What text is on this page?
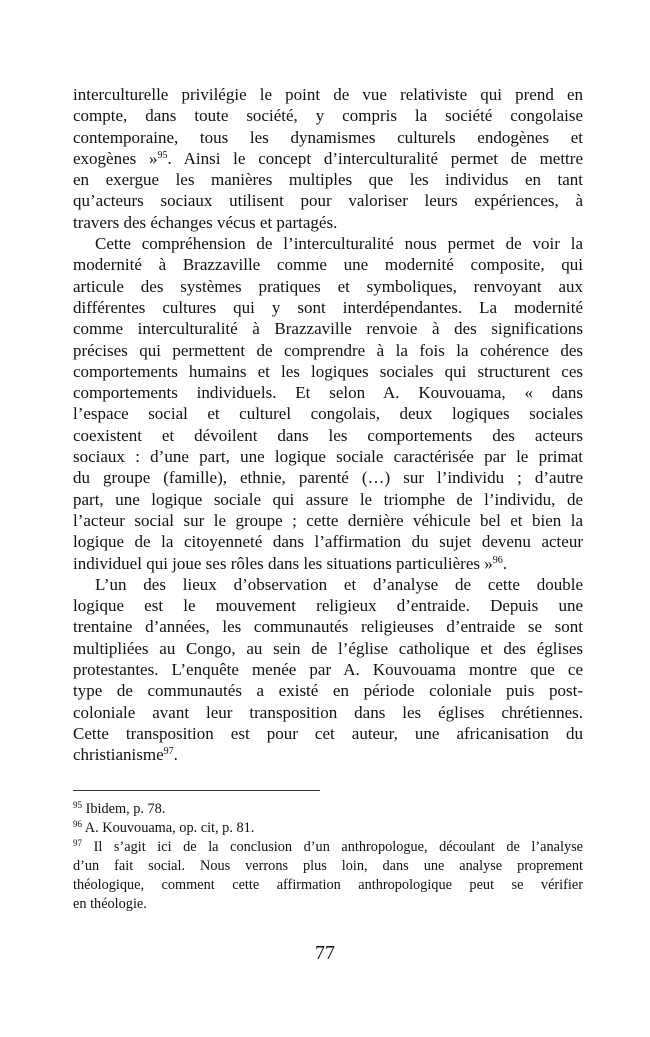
interculturelle privilégie le point de vue relativiste qui prend en
compte, dans toute société, y compris la société congolaise
contemporaine, tous les dynamismes culturels endogènes et
exogènes »$^{95}$. Ainsi le concept d’interculturalité permet de mettre
en exergue les manières multiples que les individus en tant
qu’acteurs sociaux utilisent pour valoriser leurs expériences, à
travers des échanges vécus et partagés.
Cette compréhension de l’interculturalité nous permet de voir la
modernité à Brazzaville comme une modernité composite, qui
articule des systèmes pratiques et symboliques, renvoyant aux
différentes cultures qui y sont interdépendantes. La modernité
comme interculturalité à Brazzaville renvoie à des significations
précises qui permettent de comprendre à la fois la cohérence des
comportements humains et les logiques sociales qui structurent ces
comportements individuels. Et selon A. Kouvouama, « dans
l’espace social et culturel congolais, deux logiques sociales
coexistent et dévoilent dans les comportements des acteurs
sociaux : d’une part, une logique sociale caractérisée par le primat
du groupe (famille), ethnie, parenté (…) sur l’individu ; d’autre
part, une logique sociale qui assure le triomphe de l’individu, de
l’acteur social sur le groupe ; cette dernière véhicule bel et bien la
logique de la citoyenneté dans l’affirmation du sujet devenu acteur
individuel qui joue ses rôles dans les situations particulières »$^{96}$.
L’un des lieux d’observation et d’analyse de cette double
logique est le mouvement religieux d’entraide. Depuis une
trentaine d’années, les communautés religieuses d’entraide se sont
multipliées au Congo, au sein de l’église catholique et des églises
protestantes. L’enquête menée par A. Kouvouama montre que ce
type de communautés a existé en période coloniale puis post-
coloniale avant leur transposition dans les églises chrétiennes.
Cette transposition est pour cet auteur, une africanisation du
christianisme$^{97}$.
$^{95}$ Ibidem, p. 78.
$^{96}$ A. Kouvouama, op. cit, p. 81.
$^{97}$ Il s’agit ici de la conclusion d’un anthropologue, découlant de l’analyse
d’un fait social. Nous verrons plus loin, dans une analyse proprement
théologique, comment cette affirmation anthropologique peut se vérifier
en théologie.
77
